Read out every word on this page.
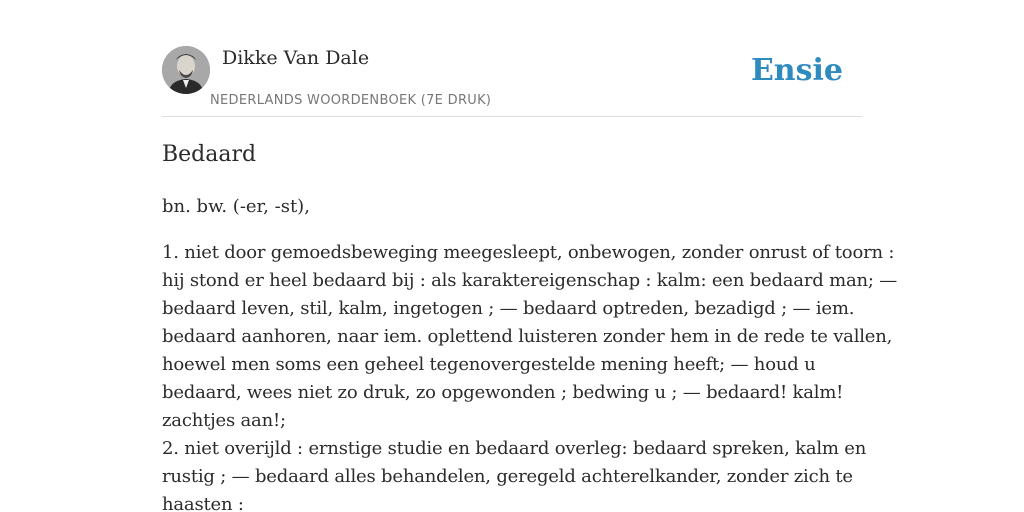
Dikke Van Dale
NEDERLANDS WOORDENBOEK (7E DRUK)
Ensie
Bedaard
bn. bw. (-er, -st),
1. niet door gemoedsbeweging meegesleept, onbewogen, zonder onrust of toorn :
hij stond er heel bedaard bij : als karaktereigenschap : kalm: een bedaard man; —
bedaard leven, stil, kalm, ingetogen ; — bedaard optreden, bezadigd ; — iem.
bedaard aanhoren, naar iem. oplettend luisteren zonder hem in de rede te vallen,
hoewel men soms een geheel tegenovergestelde mening heeft; — houd u
bedaard, wees niet zo druk, zo opgewonden ; bedwing u ; — bedaard! kalm!
zachtjes aan!;
2. niet overijld : ernstige studie en bedaard overleg: bedaard spreken, kalm en
rustig ; — bedaard alles behandelen, geregeld achterelkander, zonder zich te
haasten :
